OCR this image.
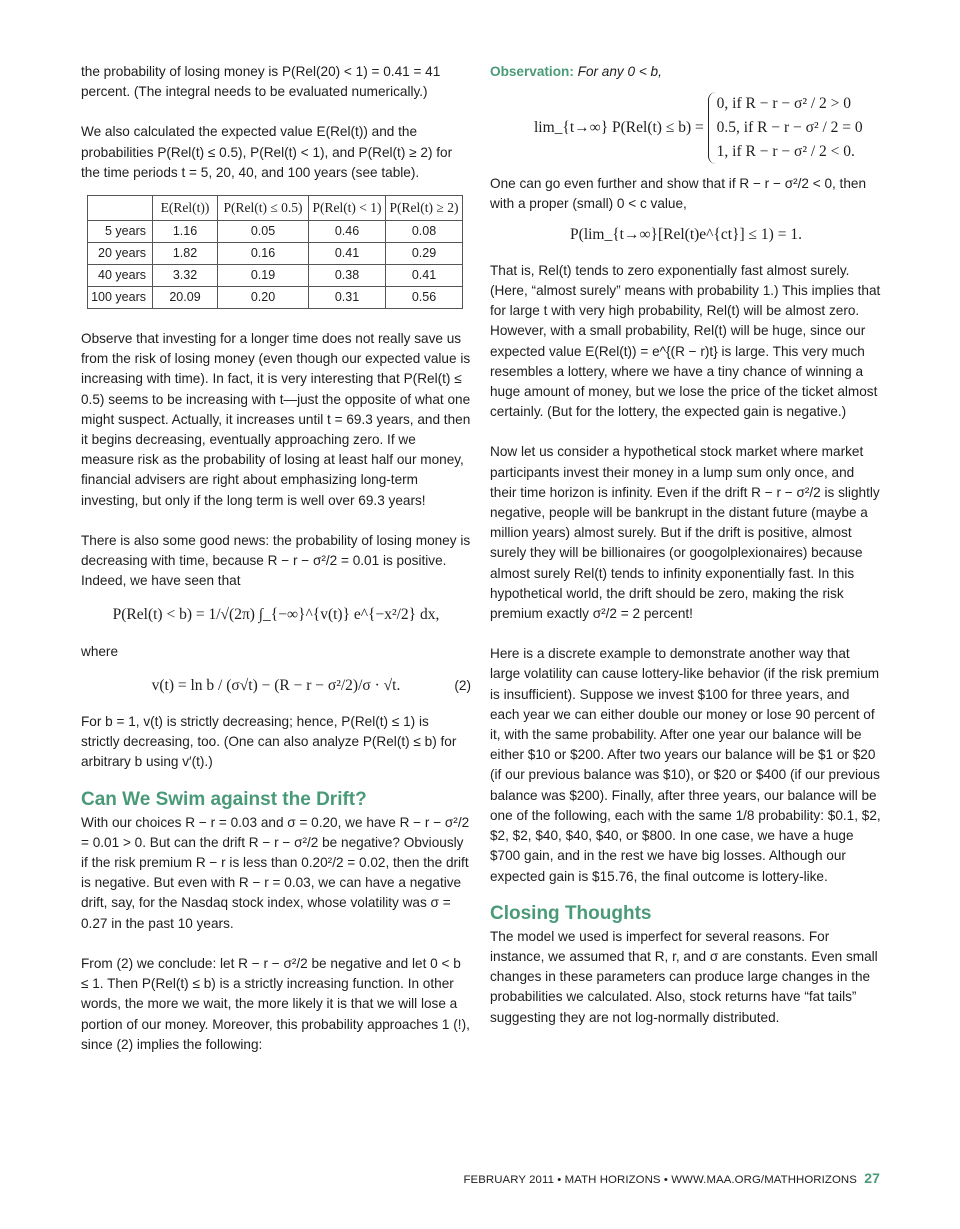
the probability of losing money is P(Rel(20) < 1) = 0.41 = 41 percent. (The integral needs to be evaluated numerically.)

We also calculated the expected value E(Rel(t)) and the probabilities P(Rel(t) ≤ 0.5), P(Rel(t) < 1), and P(Rel(t) ≥ 2) for the time periods t = 5, 20, 40, and 100 years (see table).

	E(Rel(t))	P(Rel(t) ≤ 0.5)	P(Rel(t) < 1)	P(Rel(t) ≥ 2)
5 years	1.16	0.05	0.46	0.08
20 years	1.82	0.16	0.41	0.29
40 years	3.32	0.19	0.38	0.41
100 years	20.09	0.20	0.31	0.56

Observe that investing for a longer time does not really save us from the risk of losing money (even though our expected value is increasing with time). In fact, it is very interesting that P(Rel(t) ≤ 0.5) seems to be increasing with t—just the opposite of what one might suspect. Actually, it increases until t = 69.3 years, and then it begins decreasing, eventually approaching zero. If we measure risk as the probability of losing at least half our money, financial advisers are right about emphasizing long-term investing, but only if the long term is well over 69.3 years!

There is also some good news: the probability of losing money is decreasing with time, because R − r − σ²/2 = 0.01 is positive. Indeed, we have seen that

P(Rel(t) < b) = 1/√(2π) ∫_{−∞}^{v(t)} e^{−x²/2} dx,

where

v(t) = ln b / (σ√t) − (R − r − σ²/2)/σ · √t.	(2)

For b = 1, v(t) is strictly decreasing; hence, P(Rel(t) ≤ 1) is strictly decreasing, too. (One can also analyze P(Rel(t) ≤ b) for arbitrary b using v′(t).)

Can We Swim against the Drift?

With our choices R − r = 0.03 and σ = 0.20, we have R − r − σ²/2 = 0.01 > 0. But can the drift R − r − σ²/2 be negative? Obviously if the risk premium R − r is less than 0.20²/2 = 0.02, then the drift is negative. But even with R − r = 0.03, we can have a negative drift, say, for the Nasdaq stock index, whose volatility was σ = 0.27 in the past 10 years.

From (2) we conclude: let R − r − σ²/2 be negative and let 0 < b ≤ 1. Then P(Rel(t) ≤ b) is a strictly increasing function. In other words, the more we wait, the more likely it is that we will lose a portion of our money. Moreover, this probability approaches 1 (!), since (2) implies the following:

Observation: For any 0 < b,

lim_{t→∞} P(Rel(t) ≤ b) =
0, if R − r − σ² / 2 > 0
0.5, if R − r − σ² / 2 = 0
1, if R − r − σ² / 2 < 0.

One can go even further and show that if R − r − σ²/2 < 0, then with a proper (small) 0 < c value,

P(lim_{t→∞}[Rel(t)e^{ct}] ≤ 1) = 1.

That is, Rel(t) tends to zero exponentially fast almost surely. (Here, “almost surely” means with probability 1.) This implies that for large t with very high probability, Rel(t) will be almost zero. However, with a small probability, Rel(t) will be huge, since our expected value E(Rel(t)) = e^{(R − r)t} is large. This very much resembles a lottery, where we have a tiny chance of winning a huge amount of money, but we lose the price of the ticket almost certainly. (But for the lottery, the expected gain is negative.)

Now let us consider a hypothetical stock market where market participants invest their money in a lump sum only once, and their time horizon is infinity. Even if the drift R − r − σ²/2 is slightly negative, people will be bankrupt in the distant future (maybe a million years) almost surely. But if the drift is positive, almost surely they will be billionaires (or googolplexionaires) because almost surely Rel(t) tends to infinity exponentially fast. In this hypothetical world, the drift should be zero, making the risk premium exactly σ²/2 = 2 percent!

Here is a discrete example to demonstrate another way that large volatility can cause lottery-like behavior (if the risk premium is insufficient). Suppose we invest $100 for three years, and each year we can either double our money or lose 90 percent of it, with the same probability. After one year our balance will be either $10 or $200. After two years our balance will be $1 or $20 (if our previous balance was $10), or $20 or $400 (if our previous balance was $200). Finally, after three years, our balance will be one of the following, each with the same 1/8 probability: $0.1, $2, $2, $2, $40, $40, $40, or $800. In one case, we have a huge $700 gain, and in the rest we have big losses. Although our expected gain is $15.76, the final outcome is lottery-like.

Closing Thoughts

The model we used is imperfect for several reasons. For instance, we assumed that R, r, and σ are constants. Even small changes in these parameters can produce large changes in the probabilities we calculated. Also, stock returns have “fat tails” suggesting they are not log-normally distributed.

FEBRUARY 2011 • MATH HORIZONS • WWW.MAA.ORG/MATHHORIZONS 27
